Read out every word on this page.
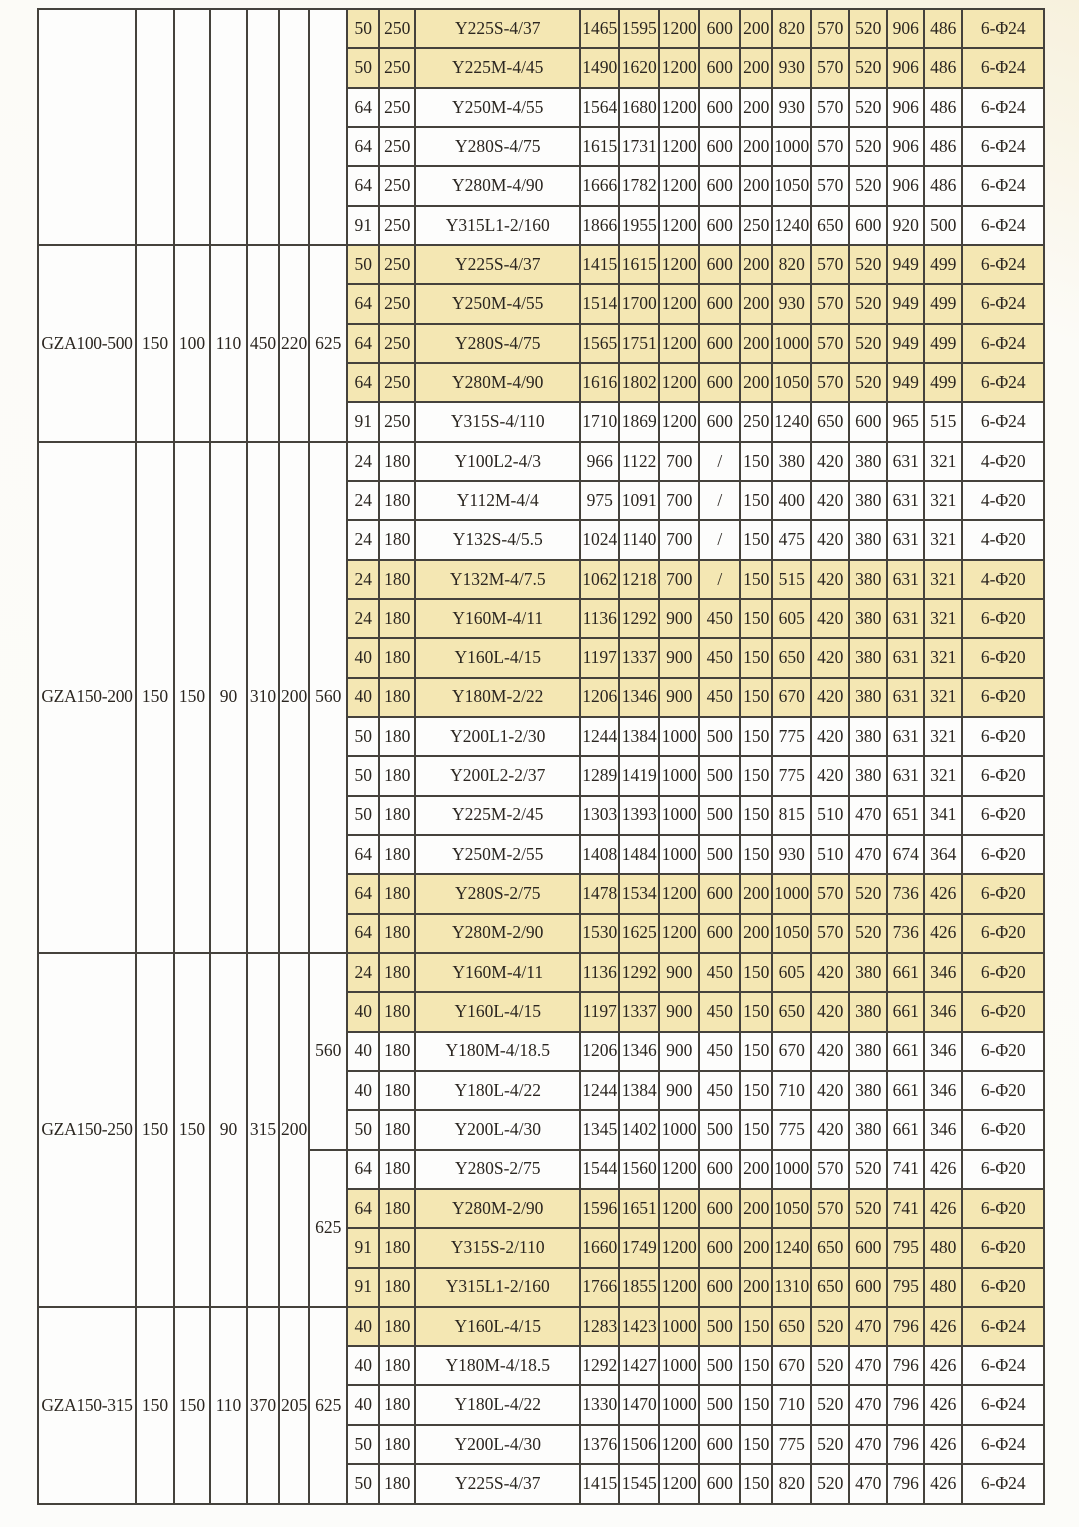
							50	250	Y225S-4/37	1465	1595	1200	600	200	820	570	520	906	486	6-Φ24
							50	250	Y225M-4/45	1490	1620	1200	600	200	930	570	520	906	486	6-Φ24
							64	250	Y250M-4/55	1564	1680	1200	600	200	930	570	520	906	486	6-Φ24
							64	250	Y280S-4/75	1615	1731	1200	600	200	1000	570	520	906	486	6-Φ24
							64	250	Y280M-4/90	1666	1782	1200	600	200	1050	570	520	906	486	6-Φ24
							91	250	Y315L1-2/160	1866	1955	1200	600	250	1240	650	600	920	500	6-Φ24
GZA100-500	150	100	110	450	220	625	50	250	Y225S-4/37	1415	1615	1200	600	200	820	570	520	949	499	6-Φ24
							64	250	Y250M-4/55	1514	1700	1200	600	200	930	570	520	949	499	6-Φ24
							64	250	Y280S-4/75	1565	1751	1200	600	200	1000	570	520	949	499	6-Φ24
							64	250	Y280M-4/90	1616	1802	1200	600	200	1050	570	520	949	499	6-Φ24
							91	250	Y315S-4/110	1710	1869	1200	600	250	1240	650	600	965	515	6-Φ24
GZA150-200	150	150	90	310	200	560	24	180	Y100L2-4/3	966	1122	700	/	150	380	420	380	631	321	4-Φ20
							24	180	Y112M-4/4	975	1091	700	/	150	400	420	380	631	321	4-Φ20
							24	180	Y132S-4/5.5	1024	1140	700	/	150	475	420	380	631	321	4-Φ20
							24	180	Y132M-4/7.5	1062	1218	700	/	150	515	420	380	631	321	4-Φ20
							24	180	Y160M-4/11	1136	1292	900	450	150	605	420	380	631	321	6-Φ20
							40	180	Y160L-4/15	1197	1337	900	450	150	650	420	380	631	321	6-Φ20
							40	180	Y180M-2/22	1206	1346	900	450	150	670	420	380	631	321	6-Φ20
							50	180	Y200L1-2/30	1244	1384	1000	500	150	775	420	380	631	321	6-Φ20
							50	180	Y200L2-2/37	1289	1419	1000	500	150	775	420	380	631	321	6-Φ20
							50	180	Y225M-2/45	1303	1393	1000	500	150	815	510	470	651	341	6-Φ20
							64	180	Y250M-2/55	1408	1484	1000	500	150	930	510	470	674	364	6-Φ20
							64	180	Y280S-2/75	1478	1534	1200	600	200	1000	570	520	736	426	6-Φ20
							64	180	Y280M-2/90	1530	1625	1200	600	200	1050	570	520	736	426	6-Φ20
GZA150-250	150	150	90	315	200	560	24	180	Y160M-4/11	1136	1292	900	450	150	605	420	380	661	346	6-Φ20
							40	180	Y160L-4/15	1197	1337	900	450	150	650	420	380	661	346	6-Φ20
							40	180	Y180M-4/18.5	1206	1346	900	450	150	670	420	380	661	346	6-Φ20
							40	180	Y180L-4/22	1244	1384	900	450	150	710	420	380	661	346	6-Φ20
							50	180	Y200L-4/30	1345	1402	1000	500	150	775	420	380	661	346	6-Φ20
						625	64	180	Y280S-2/75	1544	1560	1200	600	200	1000	570	520	741	426	6-Φ20
							64	180	Y280M-2/90	1596	1651	1200	600	200	1050	570	520	741	426	6-Φ20
							91	180	Y315S-2/110	1660	1749	1200	600	200	1240	650	600	795	480	6-Φ20
							91	180	Y315L1-2/160	1766	1855	1200	600	200	1310	650	600	795	480	6-Φ20
GZA150-315	150	150	110	370	205	625	40	180	Y160L-4/15	1283	1423	1000	500	150	650	520	470	796	426	6-Φ24
							40	180	Y180M-4/18.5	1292	1427	1000	500	150	670	520	470	796	426	6-Φ24
							40	180	Y180L-4/22	1330	1470	1000	500	150	710	520	470	796	426	6-Φ24
							50	180	Y200L-4/30	1376	1506	1200	600	150	775	520	470	796	426	6-Φ24
							50	180	Y225S-4/37	1415	1545	1200	600	150	820	520	470	796	426	6-Φ24
